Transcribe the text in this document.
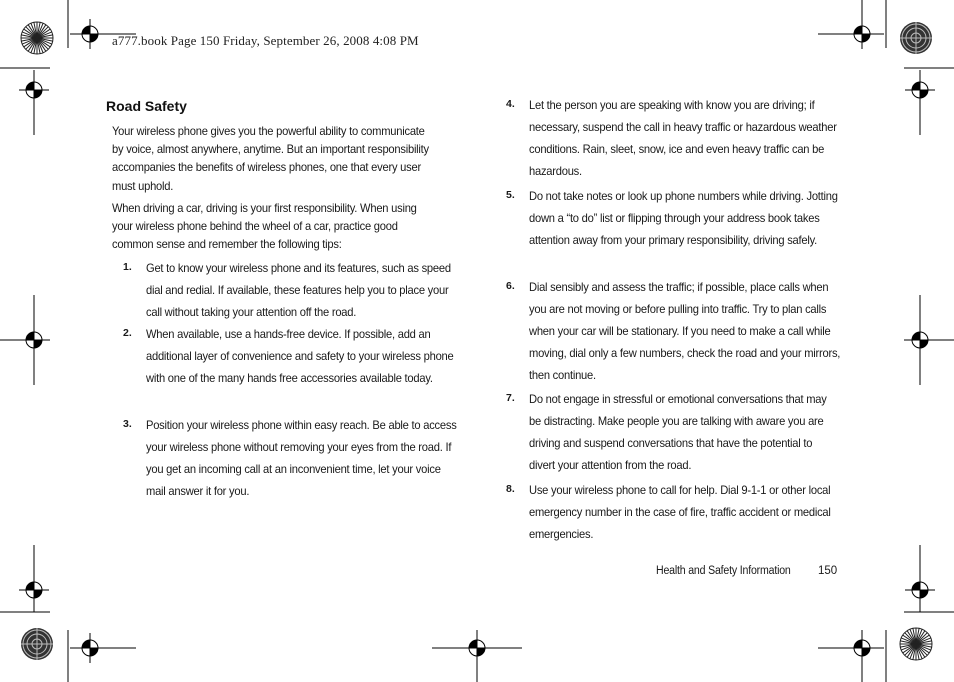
a777.book Page 150 Friday, September 26, 2008 4:08 PM
Road Safety
Your wireless phone gives you the powerful ability to communicate by voice, almost anywhere, anytime. But an important responsibility accompanies the benefits of wireless phones, one that every user must uphold.
When driving a car, driving is your first responsibility. When using your wireless phone behind the wheel of a car, practice good common sense and remember the following tips:
1. Get to know your wireless phone and its features, such as speed dial and redial. If available, these features help you to place your call without taking your attention off the road.
2. When available, use a hands-free device. If possible, add an additional layer of convenience and safety to your wireless phone with one of the many hands free accessories available today.
3. Position your wireless phone within easy reach. Be able to access your wireless phone without removing your eyes from the road. If you get an incoming call at an inconvenient time, let your voice mail answer it for you.
4. Let the person you are speaking with know you are driving; if necessary, suspend the call in heavy traffic or hazardous weather conditions. Rain, sleet, snow, ice and even heavy traffic can be hazardous.
5. Do not take notes or look up phone numbers while driving. Jotting down a “to do” list or flipping through your address book takes attention away from your primary responsibility, driving safely.
6. Dial sensibly and assess the traffic; if possible, place calls when you are not moving or before pulling into traffic. Try to plan calls when your car will be stationary. If you need to make a call while moving, dial only a few numbers, check the road and your mirrors, then continue.
7. Do not engage in stressful or emotional conversations that may be distracting. Make people you are talking with aware you are driving and suspend conversations that have the potential to divert your attention from the road.
8. Use your wireless phone to call for help. Dial 9-1-1 or other local emergency number in the case of fire, traffic accident or medical emergencies.
Health and Safety Information 150
